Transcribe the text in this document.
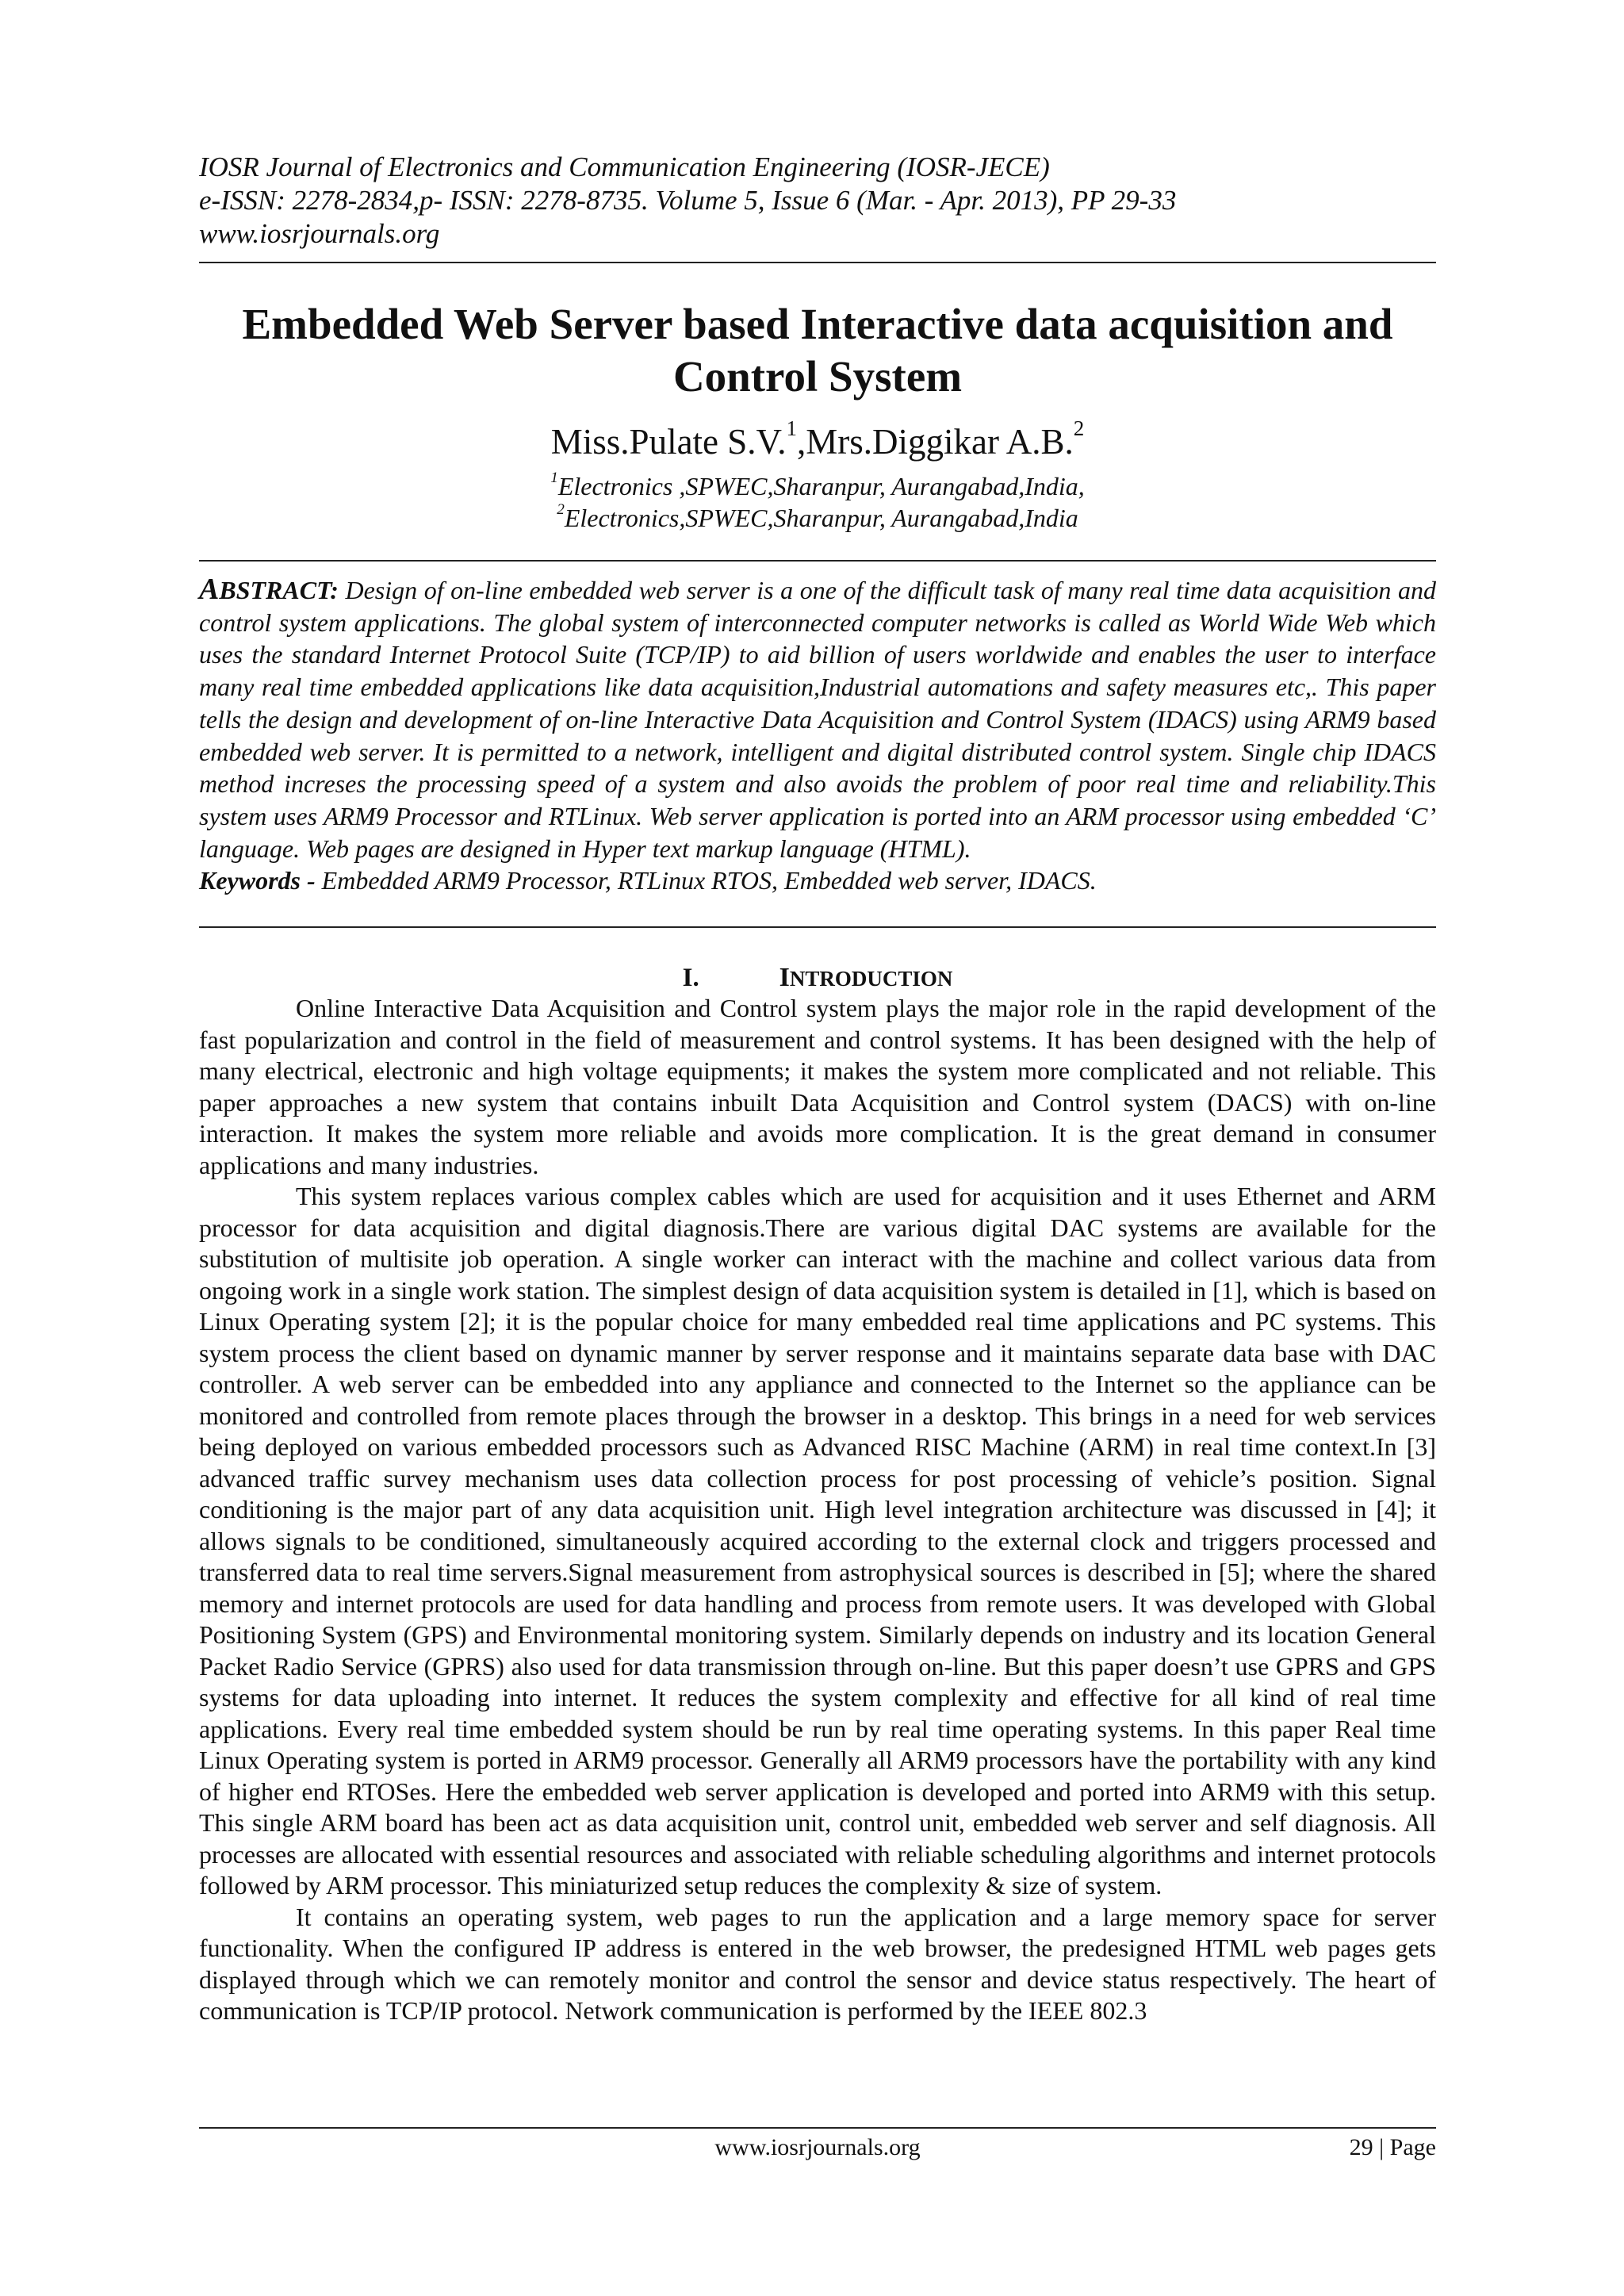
IOSR Journal of Electronics and Communication Engineering (IOSR-JECE)
e-ISSN: 2278-2834,p- ISSN: 2278-8735. Volume 5, Issue 6 (Mar. - Apr. 2013), PP 29-33
www.iosrjournals.org
Embedded Web Server based Interactive data acquisition and
Control System
Miss.Pulate S.V.$^1$,Mrs.Diggikar A.B.$^2$
$^1$Electronics ,SPWEC,Sharanpur, Aurangabad,India,
$^2$Electronics,SPWEC,Sharanpur, Aurangabad,India

ABSTRACT: Design of on-line embedded web server is a one of the difficult task of many real time data acquisition and control system applications. The global system of interconnected computer networks is called as World Wide Web which uses the standard Internet Protocol Suite (TCP/IP) to aid billion of users worldwide and enables the user to interface many real time embedded applications like data acquisition,Industrial automations and safety measures etc,. This paper tells the design and development of on-line Interactive Data Acquisition and Control System (IDACS) using ARM9 based embedded web server. It is permitted to a network, intelligent and digital distributed control system. Single chip IDACS method increses the processing speed of a system and also avoids the problem of poor real time and reliability.This system uses ARM9 Processor and RTLinux. Web server application is ported into an ARM processor using embedded ‘C’ language. Web pages are designed in Hyper text markup language (HTML).
Keywords - Embedded ARM9 Processor, RTLinux RTOS, Embedded web server, IDACS.

I.	INTRODUCTION

Online Interactive Data Acquisition and Control system plays the major role in the rapid development of the fast popularization and control in the field of measurement and control systems. It has been designed with the help of many electrical, electronic and high voltage equipments; it makes the system more complicated and not reliable. This paper approaches a new system that contains inbuilt Data Acquisition and Control system (DACS) with on-line interaction. It makes the system more reliable and avoids more complication. It is the great demand in consumer applications and many industries.

This system replaces various complex cables which are used for acquisition and it uses Ethernet and ARM processor for data acquisition and digital diagnosis.There are various digital DAC systems are available for the substitution of multisite job operation. A single worker can interact with the machine and collect various data from ongoing work in a single work station. The simplest design of data acquisition system is detailed in [1], which is based on Linux Operating system [2]; it is the popular choice for many embedded real time applications and PC systems. This system process the client based on dynamic manner by server response and it maintains separate data base with DAC controller. A web server can be embedded into any appliance and connected to the Internet so the appliance can be monitored and controlled from remote places through the browser in a desktop. This brings in a need for web services being deployed on various embedded processors such as Advanced RISC Machine (ARM) in real time context.In [3] advanced traffic survey mechanism uses data collection process for post processing of vehicle’s position. Signal conditioning is the major part of any data acquisition unit. High level integration architecture was discussed in [4]; it allows signals to be conditioned, simultaneously acquired according to the external clock and triggers processed and transferred data to real time servers.Signal measurement from astrophysical sources is described in [5]; where the shared memory and internet protocols are used for data handling and process from remote users. It was developed with Global Positioning System (GPS) and Environmental monitoring system. Similarly depends on industry and its location General Packet Radio Service (GPRS) also used for data transmission through on-line. But this paper doesn’t use GPRS and GPS systems for data uploading into internet. It reduces the system complexity and effective for all kind of real time applications. Every real time embedded system should be run by real time operating systems. In this paper Real time Linux Operating system is ported in ARM9 processor. Generally all ARM9 processors have the portability with any kind of higher end RTOSes. Here the embedded web server application is developed and ported into ARM9 with this setup. This single ARM board has been act as data acquisition unit, control unit, embedded web server and self diagnosis. All processes are allocated with essential resources and associated with reliable scheduling algorithms and internet protocols followed by ARM processor. This miniaturized setup reduces the complexity & size of system.

It contains an operating system, web pages to run the application and a large memory space for server functionality. When the configured IP address is entered in the web browser, the predesigned HTML web pages gets displayed through which we can remotely monitor and control the sensor and device status respectively. The heart of communication is TCP/IP protocol. Network communication is performed by the IEEE 802.3

www.iosrjournals.org	29 | Page
